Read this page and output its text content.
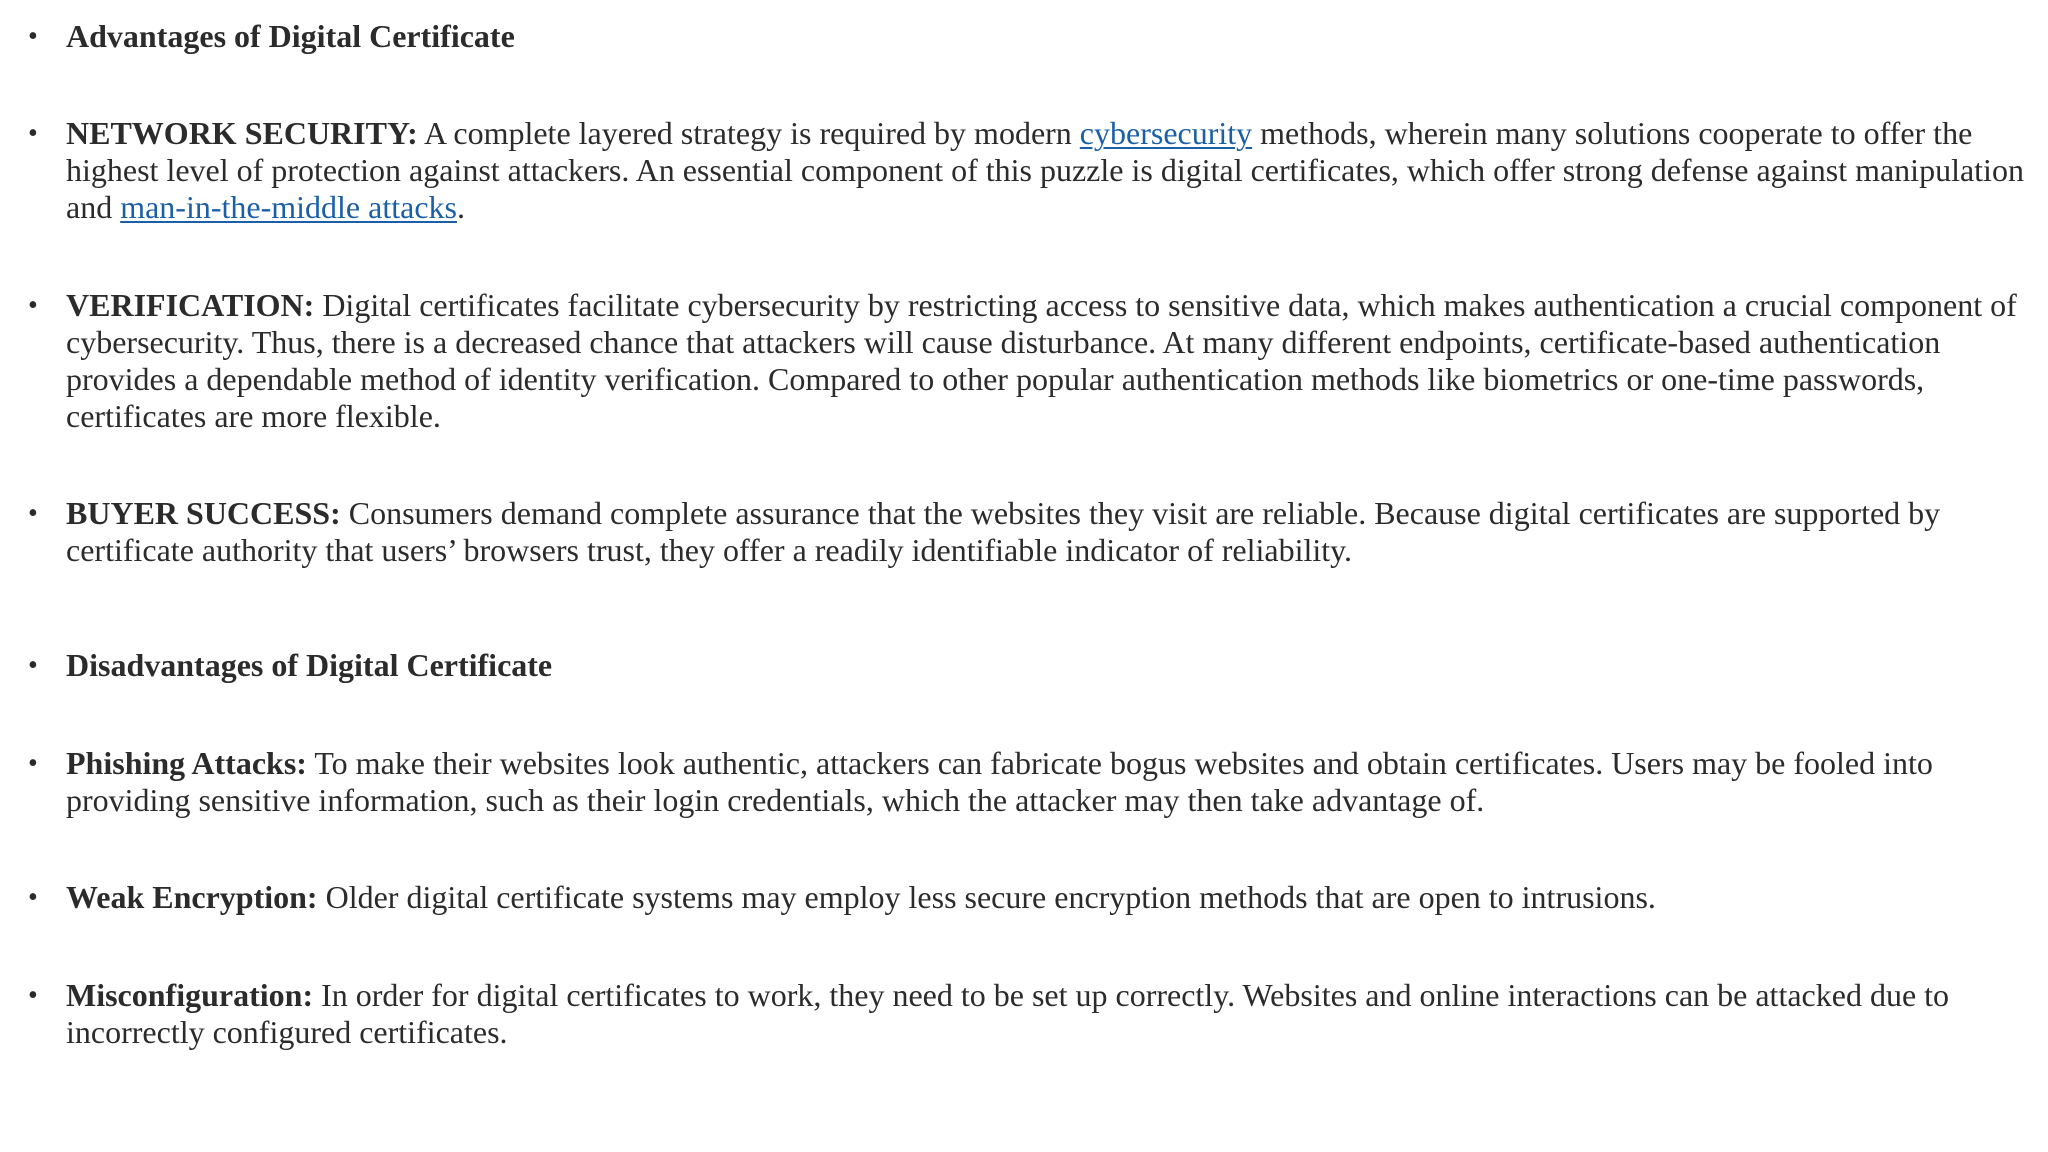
• Advantages of Digital Certificate
• NETWORK SECURITY: A complete layered strategy is required by modern cybersecurity methods, wherein many solutions cooperate to offer the highest level of protection against attackers. An essential component of this puzzle is digital certificates, which offer strong defense against manipulation and man-in-the-middle attacks.
• VERIFICATION: Digital certificates facilitate cybersecurity by restricting access to sensitive data, which makes authentication a crucial component of cybersecurity. Thus, there is a decreased chance that attackers will cause disturbance. At many different endpoints, certificate-based authentication provides a dependable method of identity verification. Compared to other popular authentication methods like biometrics or one-time passwords, certificates are more flexible.
• BUYER SUCCESS: Consumers demand complete assurance that the websites they visit are reliable. Because digital certificates are supported by certificate authority that users’ browsers trust, they offer a readily identifiable indicator of reliability.
• Disadvantages of Digital Certificate
• Phishing Attacks: To make their websites look authentic, attackers can fabricate bogus websites and obtain certificates. Users may be fooled into providing sensitive information, such as their login credentials, which the attacker may then take advantage of.
• Weak Encryption: Older digital certificate systems may employ less secure encryption methods that are open to intrusions.
• Misconfiguration: In order for digital certificates to work, they need to be set up correctly. Websites and online interactions can be attacked due to incorrectly configured certificates.
